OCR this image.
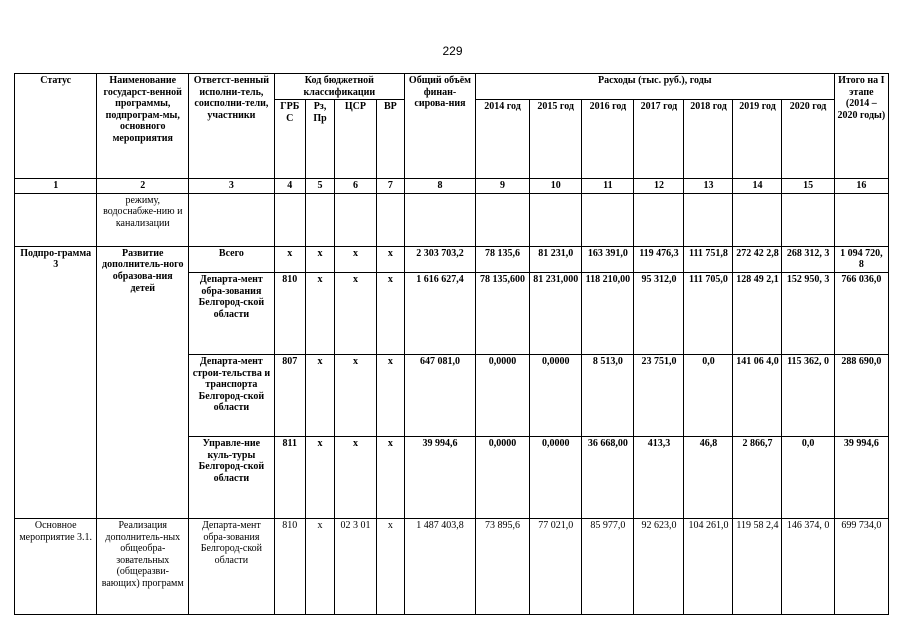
229
Статус	Наименование государст-венной программы, подпрограм-мы, основного мероприятия	Ответст-венный исполни-тель, соисполни-тели, участники	Код бюджетной классификации				Общий объём финан-сирова-ния	Расходы (тыс. руб.), годы							Итого на I этапе (2014 – 2020 годы)
			ГРБ С	Рз, Пр	ЦСР	ВР		2014 год	2015 год	2016 год	2017 год	2018 год	2019 год	2020 год	
1	2	3	4	5	6	7	8	9	10	11	12	13	14	15	16
	режиму, водоснабже-нию и канализации														
Подпро-грамма 3	Развитие дополнитель-ного образова-ния детей	Всего	х	х	х	х	2 303 703,2	78 135,6	81 231,0	163 391,0	119 476,3	111 751,8	272 42 2,8	268 312, 3	1 094 720, 8
		Департа-мент обра-зования Белгород-ской области	810	х	х	х	1 616 627,4	78 135,600	81 231,000	118 210,00	95 312,0	111 705,0	128 49 2,1	152 950, 3	766 036,0
		Департа-мент строи-тельства и транспорта Белгород-ской области	807	х	х	х	647 081,0	0,0000	0,0000	8 513,0	23 751,0	0,0	141 06 4,0	115 362, 0	288 690,0
		Управле-ние куль-туры Белгород-ской области	811	х	х	х	39 994,6	0,0000	0,0000	36 668,00	413,3	46,8	2 866,7	0,0	39 994,6
Основное мероприятие 3.1.	Реализация дополнитель-ных общеобра-зовательных (общеразви-вающих) программ	Департа-мент обра-зования Белгород-ской области	810	х	02 3 01	х	1 487 403,8	73 895,6	77 021,0	85 977,0	92 623,0	104 261,0	119 58 2,4	146 374, 0	699 734,0
